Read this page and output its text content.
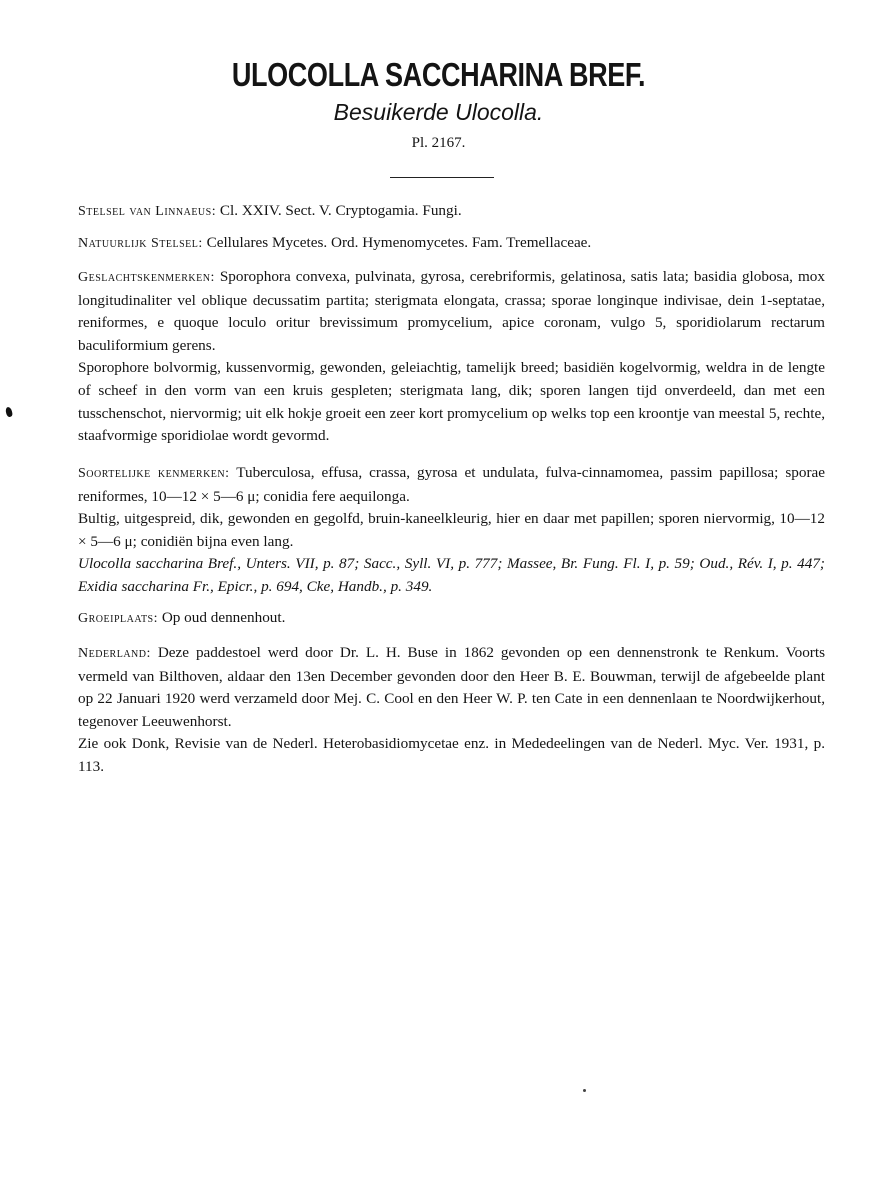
ULOCOLLA SACCHARINA BREF.
Besuikerde Ulocolla.
Pl. 2167.

Stelsel van Linnaeus: Cl. XXIV. Sect. V. Cryptogamia. Fungi.

Natuurlijk Stelsel: Cellulares Mycetes. Ord. Hymenomycetes. Fam. Tremellaceae.

Geslachtskenmerken: Sporophora convexa, pulvinata, gyrosa, cerebriformis, gelatinosa, satis lata; basidia globosa, mox longitudinaliter vel oblique decussatim partita; sterigmata elongata, crassa; sporae longinque indivisae, dein 1-septatae, reniformes, e quoque loculo oritur brevissimum promycelium, apice coronam, vulgo 5, sporidiolarum rectarum baculiformium gerens.

Sporophore bolvormig, kussenvormig, gewonden, geleiachtig, tamelijk breed; basidiën kogelvormig, weldra in de lengte of scheef in den vorm van een kruis gespleten; sterigmata lang, dik; sporen langen tijd onverdeeld, dan met een tusschenschot, niervormig; uit elk hokje groeit een zeer kort promycelium op welks top een kroontje van meestal 5, rechte, staafvormige sporidiolae wordt gevormd.

Soortelijke kenmerken: Tuberculosa, effusa, crassa, gyrosa et undulata, fulva-cinnamomea, passim papillosa; sporae reniformes, 10—12 × 5—6 μ; conidia fere aequilonga.

Bultig, uitgespreid, dik, gewonden en gegolfd, bruin-kaneelkleurig, hier en daar met papillen; sporen niervormig, 10—12 × 5—6 μ; conidiën bijna even lang.

Ulocolla saccharina Bref., Unters. VII, p. 87; Sacc., Syll. VI, p. 777; Massee, Br. Fung. Fl. I, p. 59; Oud., Rév. I, p. 447; Exidia saccharina Fr., Epicr., p. 694, Cke, Handb., p. 349.

Groeiplaats: Op oud dennenhout.

Nederland: Deze paddestoel werd door Dr. L. H. Buse in 1862 gevonden op een dennenstronk te Renkum. Voorts vermeld van Bilthoven, aldaar den 13en December gevonden door den Heer B. E. Bouwman, terwijl de afgebeelde plant op 22 Januari 1920 werd verzameld door Mej. C. Cool en den Heer W. P. ten Cate in een dennenlaan te Noordwijkerhout, tegenover Leeuwenhorst.

Zie ook Donk, Revisie van de Nederl. Heterobasidiomycetae enz. in Mededeelingen van de Nederl. Myc. Ver. 1931, p. 113.
